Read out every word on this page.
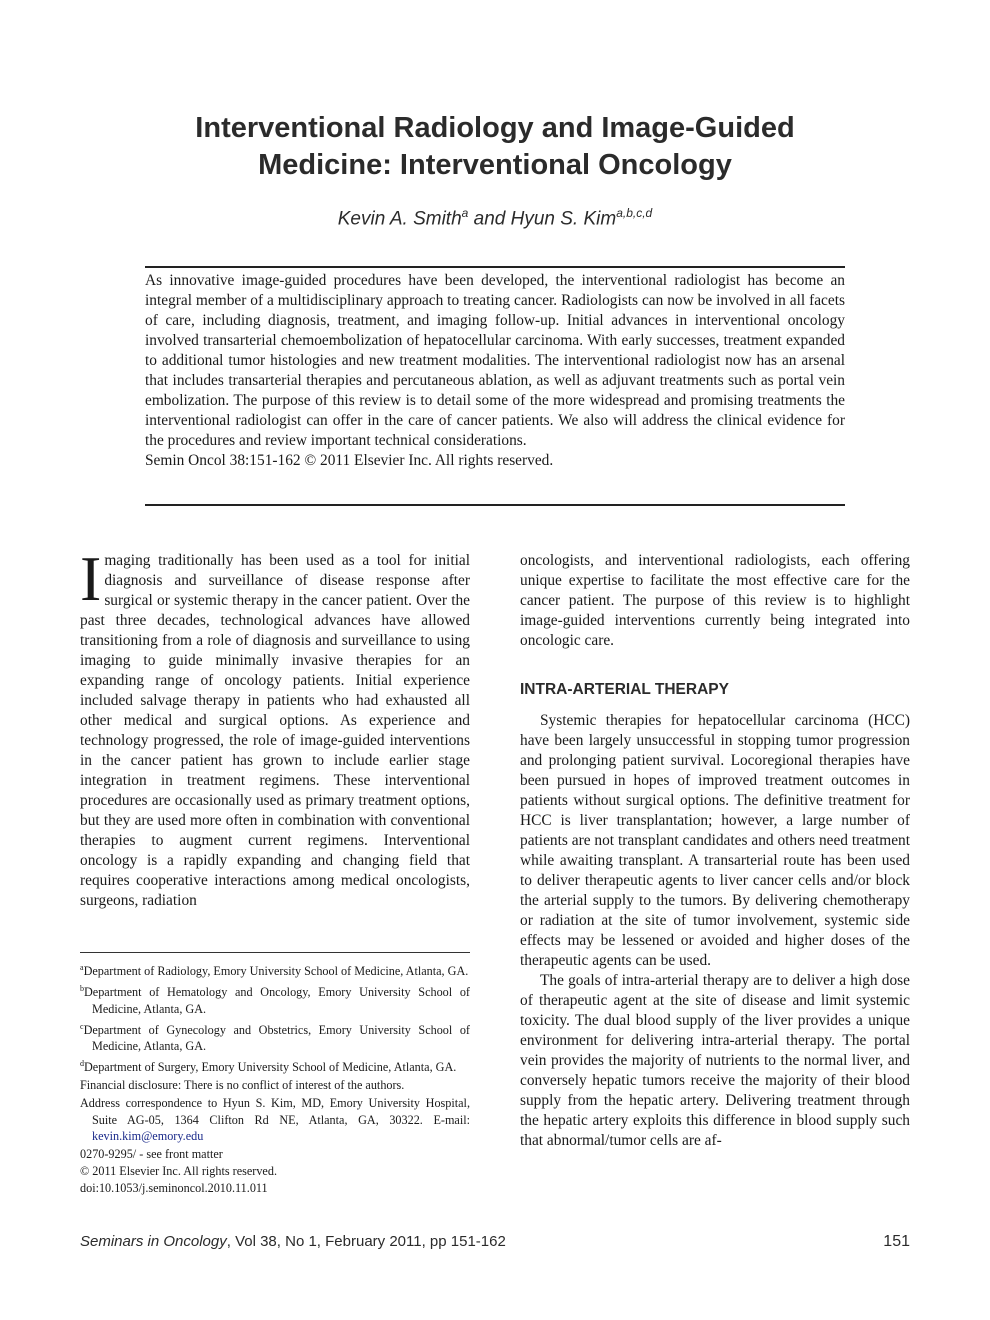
Interventional Radiology and Image-Guided
Medicine: Interventional Oncology
Kevin A. Smith$^a$ and Hyun S. Kim$^{a,b,c,d}$
As innovative image-guided procedures have been developed, the interventional radiologist has become an integral member of a multidisciplinary approach to treating cancer. Radiologists can now be involved in all facets of care, including diagnosis, treatment, and imaging follow-up. Initial advances in interventional oncology involved transarterial chemoembolization of hepatocellular carcinoma. With early successes, treatment expanded to additional tumor histologies and new treatment modalities. The interventional radiologist now has an arsenal that includes transarterial therapies and percutaneous ablation, as well as adjuvant treatments such as portal vein embolization. The purpose of this review is to detail some of the more widespread and promising treatments the interventional radiologist can offer in the care of cancer patients. We also will address the clinical evidence for the procedures and review important technical considerations.
Semin Oncol 38:151-162 © 2011 Elsevier Inc. All rights reserved.

Imaging traditionally has been used as a tool for initial diagnosis and surveillance of disease response after surgical or systemic therapy in the cancer patient. Over the past three decades, technological advances have allowed transitioning from a role of diagnosis and surveillance to using imaging to guide minimally invasive therapies for an expanding range of oncology patients. Initial experience included salvage therapy in patients who had exhausted all other medical and surgical options. As experience and technology progressed, the role of image-guided interventions in the cancer patient has grown to include earlier stage integration in treatment regimens. These interventional procedures are occasionally used as primary treatment options, but they are used more often in combination with conventional therapies to augment current regimens. Interventional oncology is a rapidly expanding and changing field that requires cooperative interactions among medical oncologists, surgeons, radiation

$^a$Department of Radiology, Emory University School of Medicine, Atlanta, GA.
$^b$Department of Hematology and Oncology, Emory University School of Medicine, Atlanta, GA.
$^c$Department of Gynecology and Obstetrics, Emory University School of Medicine, Atlanta, GA.
$^d$Department of Surgery, Emory University School of Medicine, Atlanta, GA.
Financial disclosure: There is no conflict of interest of the authors.
Address correspondence to Hyun S. Kim, MD, Emory University Hospital, Suite AG-05, 1364 Clifton Rd NE, Atlanta, GA, 30322. E-mail: kevin.kim@emory.edu
0270-9295/ - see front matter
© 2011 Elsevier Inc. All rights reserved.
doi:10.1053/j.seminoncol.2010.11.011

oncologists, and interventional radiologists, each offering unique expertise to facilitate the most effective care for the cancer patient. The purpose of this review is to highlight image-guided interventions currently being integrated into oncologic care.

INTRA-ARTERIAL THERAPY

Systemic therapies for hepatocellular carcinoma (HCC) have been largely unsuccessful in stopping tumor progression and prolonging patient survival. Locoregional therapies have been pursued in hopes of improved treatment outcomes in patients without surgical options. The definitive treatment for HCC is liver transplantation; however, a large number of patients are not transplant candidates and others need treatment while awaiting transplant. A transarterial route has been used to deliver therapeutic agents to liver cancer cells and/or block the arterial supply to the tumors. By delivering chemotherapy or radiation at the site of tumor involvement, systemic side effects may be lessened or avoided and higher doses of the therapeutic agents can be used.

The goals of intra-arterial therapy are to deliver a high dose of therapeutic agent at the site of disease and limit systemic toxicity. The dual blood supply of the liver provides a unique environment for delivering intra-arterial therapy. The portal vein provides the majority of nutrients to the normal liver, and conversely hepatic tumors receive the majority of their blood supply from the hepatic artery. Delivering treatment through the hepatic artery exploits this difference in blood supply such that abnormal/tumor cells are af-

Seminars in Oncology, Vol 38, No 1, February 2011, pp 151-162	151
